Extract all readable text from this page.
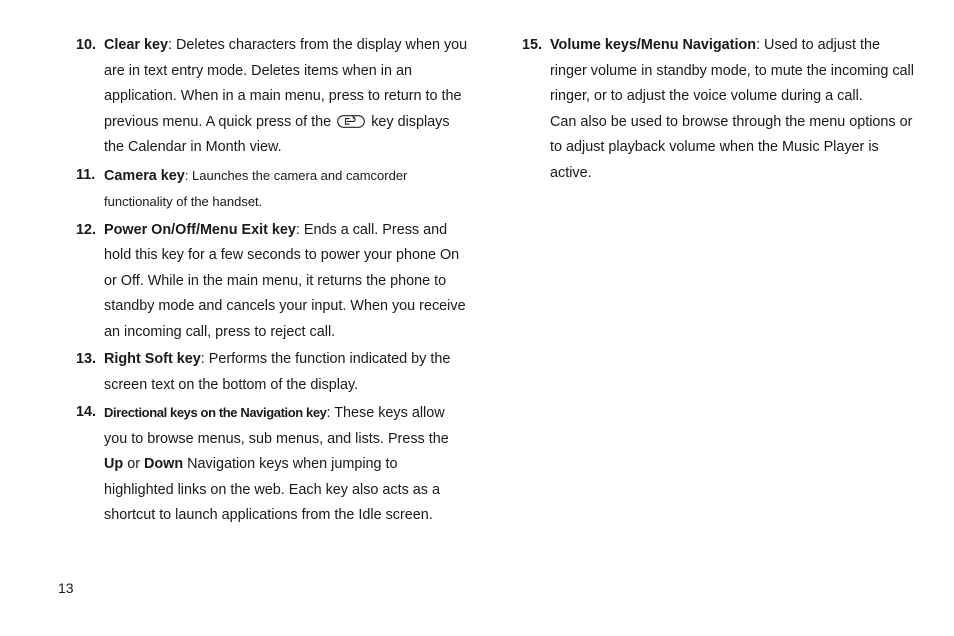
10. Clear key: Deletes characters from the display when you are in text entry mode. Deletes items when in an application. When in a main menu, press to return to the previous menu. A quick press of the	key displays the Calendar in Month view.
11. Camera key: Launches the camera and camcorder functionality of the handset.
12. Power On/Off/Menu Exit key: Ends a call. Press and hold this key for a few seconds to power your phone On or Off. While in the main menu, it returns the phone to standby mode and cancels your input. When you receive an incoming call, press to reject call.
13. Right Soft key: Performs the function indicated by the screen text on the bottom of the display.
14. Directional keys on the Navigation key: These keys allow you to browse menus, sub menus, and lists. Press the Up or Down Navigation keys when jumping to highlighted links on the web. Each key also acts as a shortcut to launch applications from the Idle screen.
15. Volume keys/Menu Navigation: Used to adjust the ringer volume in standby mode, to mute the incoming call ringer, or to adjust the voice volume during a call.
Can also be used to browse through the menu options or to adjust playback volume when the Music Player is active.
13
